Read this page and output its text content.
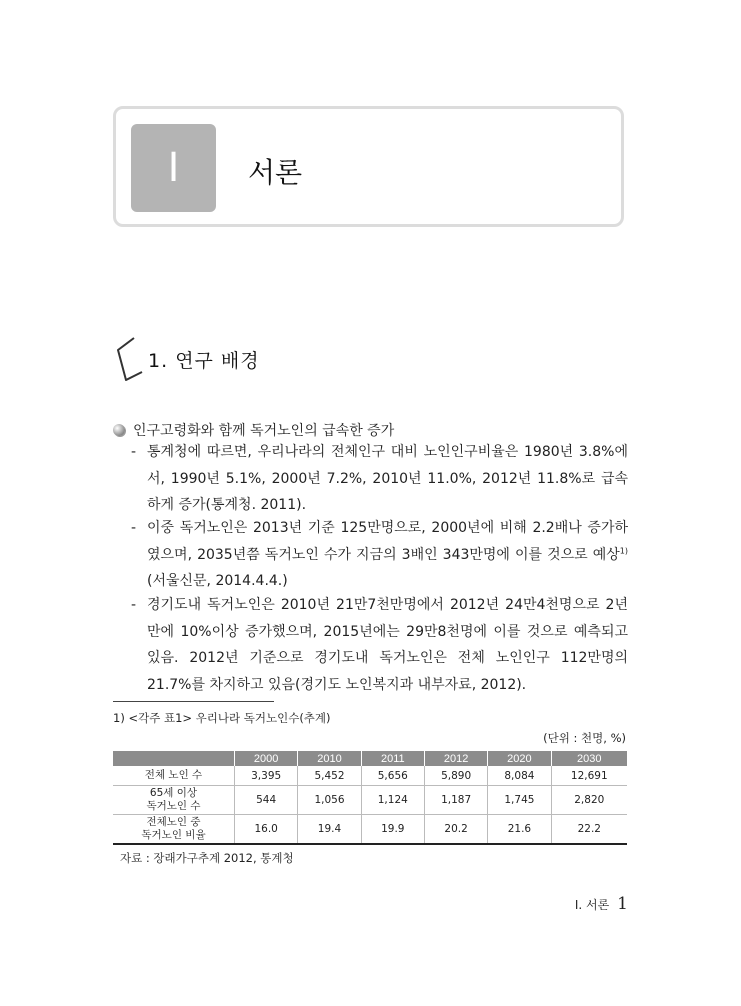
Ⅰ	서론
1. 연구 배경
인구고령화와 함께 독거노인의 급속한 증가
- 통계청에 따르면, 우리나라의 전체인구 대비 노인인구비율은 1980년 3.8%에서, 1990년 5.1%, 2000년 7.2%, 2010년 11.0%, 2012년 11.8%로 급속하게 증가(통계청. 2011).
- 이중 독거노인은 2013년 기준 125만명으로, 2000년에 비해 2.2배나 증가하였으며, 2035년쯤 독거노인 수가 지금의 3배인 343만명에 이를 것으로 예상$^{1)}$(서울신문, 2014.4.4.)
- 경기도내 독거노인은 2010년 21만7천만명에서 2012년 24만4천명으로 2년만에 10%이상 증가했으며, 2015년에는 29만8천명에 이를 것으로 예측되고 있음. 2012년 기준으로 경기도내 독거노인은 전체 노인인구 112만명의 21.7%를 차지하고 있음(경기도 노인복지과 내부자료, 2012).
1) <각주 표1> 우리나라 독거노인수(추계)
(단위 : 천명, %)
	2000	2010	2011	2012	2020	2030
전체 노인 수	3,395	5,452	5,656	5,890	8,084	12,691
65세 이상
독거노인 수	544	1,056	1,124	1,187	1,745	2,820
전체노인 중
독거노인 비율	16.0	19.4	19.9	20.2	21.6	22.2
자료 : 장래가구추계 2012, 통계청
Ⅰ. 서론 1
